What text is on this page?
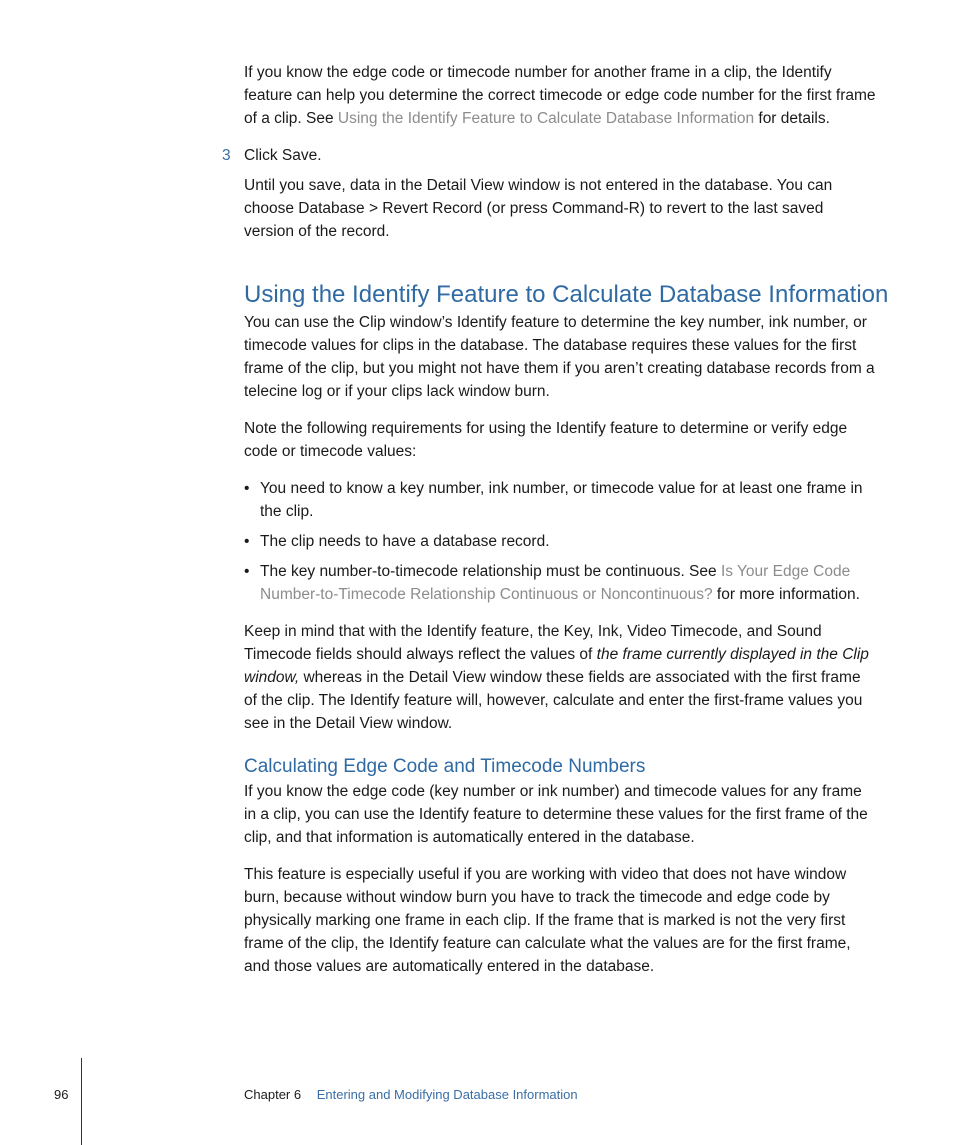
If you know the edge code or timecode number for another frame in a clip, the Identify feature can help you determine the correct timecode or edge code number for the first frame of a clip. See Using the Identify Feature to Calculate Database Information for details.

3 Click Save.

Until you save, data in the Detail View window is not entered in the database. You can choose Database > Revert Record (or press Command-R) to revert to the last saved version of the record.

Using the Identify Feature to Calculate Database Information

You can use the Clip window’s Identify feature to determine the key number, ink number, or timecode values for clips in the database. The database requires these values for the first frame of the clip, but you might not have them if you aren’t creating database records from a telecine log or if your clips lack window burn.

Note the following requirements for using the Identify feature to determine or verify edge code or timecode values:

• You need to know a key number, ink number, or timecode value for at least one frame in the clip.
• The clip needs to have a database record.
• The key number-to-timecode relationship must be continuous. See Is Your Edge Code Number-to-Timecode Relationship Continuous or Noncontinuous? for more information.

Keep in mind that with the Identify feature, the Key, Ink, Video Timecode, and Sound Timecode fields should always reflect the values of the frame currently displayed in the Clip window, whereas in the Detail View window these fields are associated with the first frame of the clip. The Identify feature will, however, calculate and enter the first-frame values you see in the Detail View window.

Calculating Edge Code and Timecode Numbers

If you know the edge code (key number or ink number) and timecode values for any frame in a clip, you can use the Identify feature to determine these values for the first frame of the clip, and that information is automatically entered in the database.

This feature is especially useful if you are working with video that does not have window burn, because without window burn you have to track the timecode and edge code by physically marking one frame in each clip. If the frame that is marked is not the very first frame of the clip, the Identify feature can calculate what the values are for the first frame, and those values are automatically entered in the database.

96	Chapter 6 Entering and Modifying Database Information
